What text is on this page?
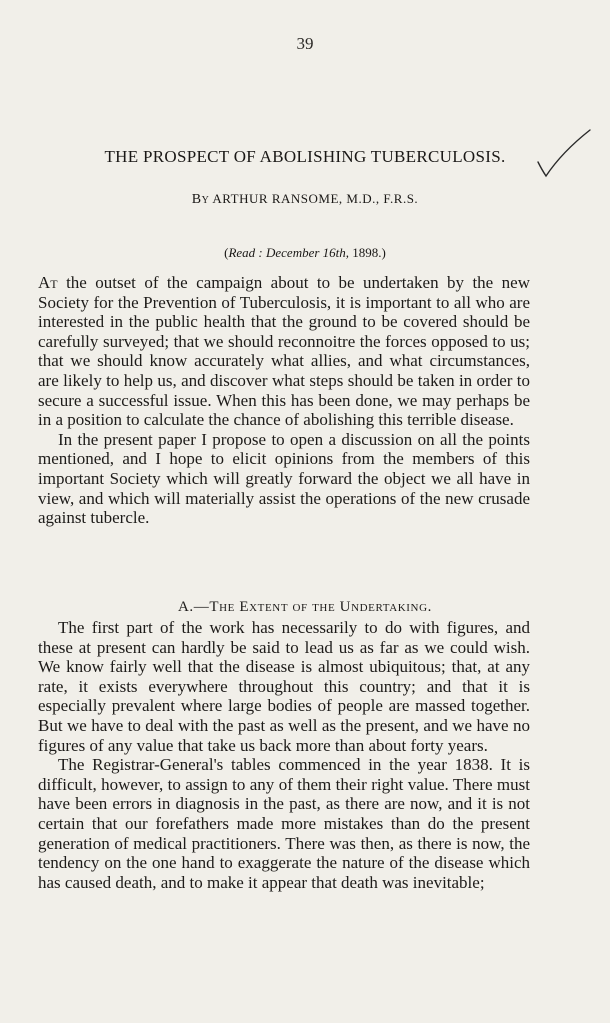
39
THE PROSPECT OF ABOLISHING TUBERCULOSIS.
By ARTHUR RANSOME, M.D., F.R.S.
(Read : December 16th, 1898.)

At the outset of the campaign about to be undertaken by the new Society for the Prevention of Tuberculosis, it is important to all who are interested in the public health that the ground to be covered should be carefully surveyed; that we should reconnoitre the forces opposed to us; that we should know accurately what allies, and what circumstances, are likely to help us, and discover what steps should be taken in order to secure a successful issue. When this has been done, we may perhaps be in a position to calculate the chance of abolishing this terrible disease.

In the present paper I propose to open a discussion on all the points mentioned, and I hope to elicit opinions from the members of this important Society which will greatly forward the object we all have in view, and which will materially assist the operations of the new crusade against tubercle.

A.—The Extent of the Undertaking.

The first part of the work has necessarily to do with figures, and these at present can hardly be said to lead us as far as we could wish. We know fairly well that the disease is almost ubiquitous; that, at any rate, it exists everywhere throughout this country; and that it is especially prevalent where large bodies of people are massed together. But we have to deal with the past as well as the present, and we have no figures of any value that take us back more than about forty years.

The Registrar-General's tables commenced in the year 1838. It is difficult, however, to assign to any of them their right value. There must have been errors in diagnosis in the past, as there are now, and it is not certain that our forefathers made more mistakes than do the present generation of medical practitioners. There was then, as there is now, the tendency on the one hand to exaggerate the nature of the disease which has caused death, and to make it appear that death was inevitable;
